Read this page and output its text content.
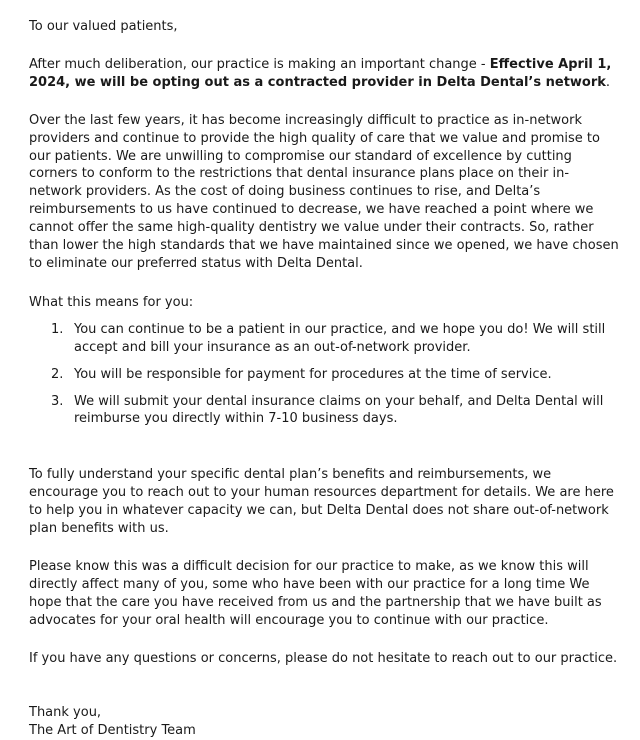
To our valued patients,

After much deliberation, our practice is making an important change - Effective April 1, 2024, we will be opting out as a contracted provider in Delta Dental’s network.

Over the last few years, it has become increasingly difficult to practice as in-network providers and continue to provide the high quality of care that we value and promise to our patients. We are unwilling to compromise our standard of excellence by cutting corners to conform to the restrictions that dental insurance plans place on their in-network providers. As the cost of doing business continues to rise, and Delta’s reimbursements to us have continued to decrease, we have reached a point where we cannot offer the same high-quality dentistry we value under their contracts. So, rather than lower the high standards that we have maintained since we opened, we have chosen to eliminate our preferred status with Delta Dental.

What this means for you:

1. You can continue to be a patient in our practice, and we hope you do! We will still accept and bill your insurance as an out-of-network provider.
2. You will be responsible for payment for procedures at the time of service.
3. We will submit your dental insurance claims on your behalf, and Delta Dental will reimburse you directly within 7-10 business days.

To fully understand your specific dental plan’s benefits and reimbursements, we encourage you to reach out to your human resources department for details. We are here to help you in whatever capacity we can, but Delta Dental does not share out-of-network plan benefits with us.

Please know this was a difficult decision for our practice to make, as we know this will directly affect many of you, some who have been with our practice for a long time We hope that the care you have received from us and the partnership that we have built as advocates for your oral health will encourage you to continue with our practice.

If you have any questions or concerns, please do not hesitate to reach out to our practice.

Thank you,

The Art of Dentistry Team
